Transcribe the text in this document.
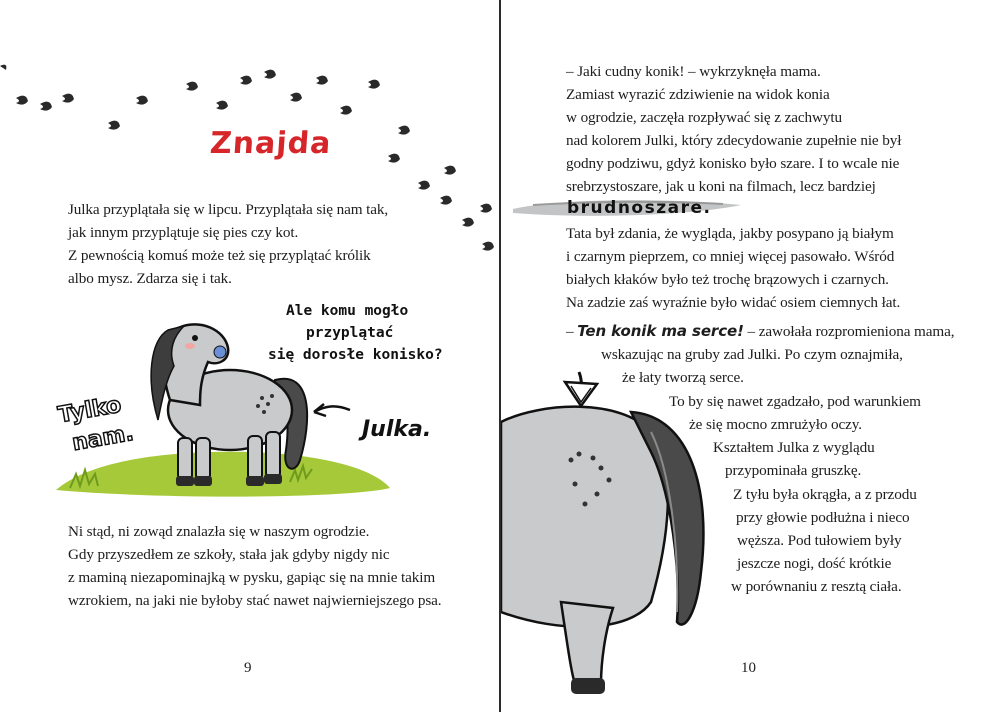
Znajda
Julka przyplątała się w lipcu. Przyplątała się nam tak,
jak innym przyplątuje się pies czy kot.
Z pewnością komuś może też się przyplątać królik
albo mysz. Zdarza się i tak.
Ale komu mogło
przyplątać
się dorosłe konisko?
Tylko
nam.	Julka.
Ni stąd, ni zowąd znalazła się w naszym ogrodzie.
Gdy przyszedłem ze szkoły, stała jak gdyby nigdy nic
z maminą niezapominajką w pysku, gapiąc się na mnie takim
wzrokiem, na jaki nie byłoby stać nawet najwierniejszego psa.
9
– Jaki cudny konik! – wykrzyknęła mama.
Zamiast wyrazić zdziwienie na widok konia
w ogrodzie, zaczęła rozpływać się z zachwytu
nad kolorem Julki, który zdecydowanie zupełnie nie był
godny podziwu, gdyż konisko było szare. I to wcale nie
srebrzystoszare, jak u koni na filmach, lecz bardziej
brudnoszare.
Tata był zdania, że wygląda, jakby posypano ją białym
i czarnym pieprzem, co mniej więcej pasowało. Wśród
białych kłaków było też trochę brązowych i czarnych.
Na zadzie zaś wyraźnie było widać osiem ciemnych łat.
– Ten konik ma serce! – zawołała rozpromieniona mama,
wskazując na gruby zad Julki. Po czym oznajmiła,
że łaty tworzą serce.
To by się nawet zgadzało, pod warunkiem
że się mocno zmrużyło oczy.
Kształtem Julka z wyglądu
przypominała gruszkę.
Z tyłu była okrągła, a z przodu
przy głowie podłużna i nieco
węższa. Pod tułowiem były
jeszcze nogi, dość krótkie
w porównaniu z resztą ciała.
10
